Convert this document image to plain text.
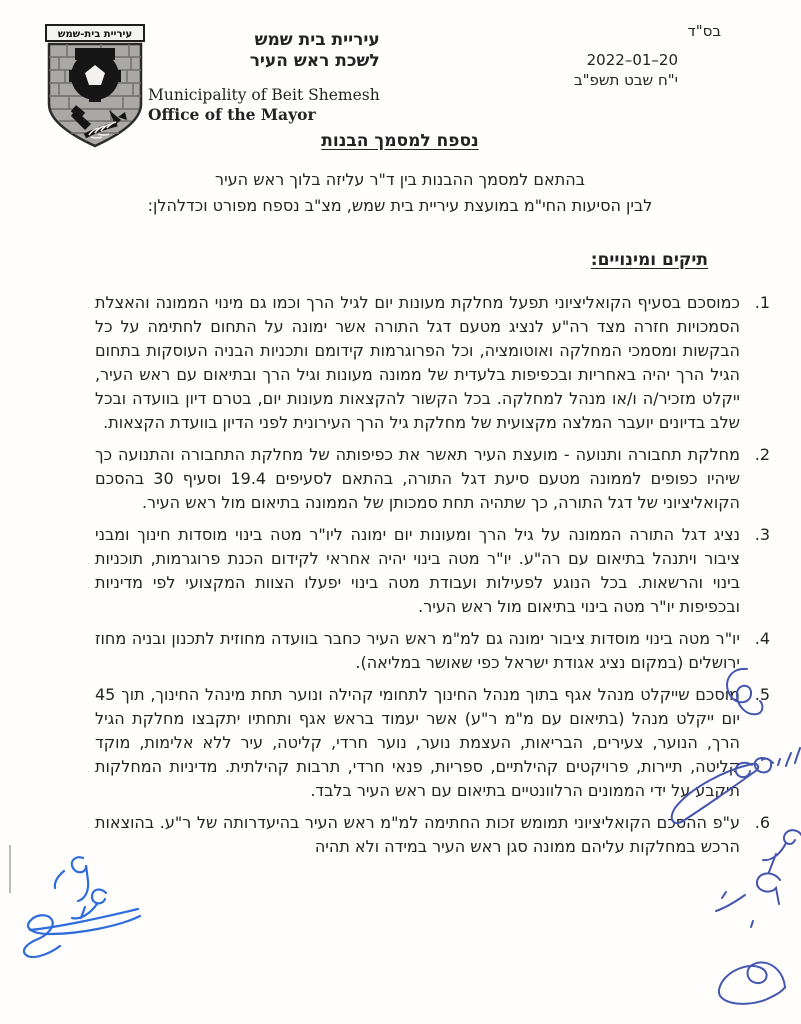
בס"ד
20–01–2022
י"ח שבט תשפ"ב
עיריית בית-שמש	עיריית בית שמש
לשכת ראש העיר
Municipality of Beit Shemesh
Office of the Mayor
נספח למסמך הבנות
בהתאם למסמך ההבנות בין ד"ר עליזה בלוך ראש העיר
לבין הסיעות החי"מ במועצת עיריית בית שמש, מצ"ב נספח מפורט וכדלהלן:
תיקים ומינויים:
1.
כמוסכם בסעיף הקואליציוני תפעל מחלקת מעונות יום לגיל הרך וכמו גם מינוי הממונה והאצלת הסמכויות חזרה מצד רה"ע לנציג מטעם דגל התורה אשר ימונה על התחום לחתימה על כל הבקשות ומסמכי המחלקה ואוטומציה, וכל הפרוגרמות קידומם ותכניות הבניה העוסקות בתחום הגיל הרך יהיה באחריות ובכפיפות בלעדית של ממונה מעונות וגיל הרך ובתיאום עם ראש העיר, ייקלט מזכיר/ה ו/או מנהל למחלקה. בכל הקשור להקצאות מעונות יום, בטרם דיון בוועדה ובכל שלב בדיונים יועבר המלצה מקצועית של מחלקת גיל הרך העירונית לפני הדיון בוועדת הקצאות.
2.
מחלקת תחבורה ותנועה - מועצת העיר תאשר את כפיפותה של מחלקת התחבורה והתנועה כך שיהיו כפופים לממונה מטעם סיעת דגל התורה, בהתאם לסעיפים 19.4 וסעיף 30 בהסכם הקואליציוני של דגל התורה, כך שתהיה תחת סמכותן של הממונה בתיאום מול ראש העיר.
3.
נציג דגל התורה הממונה על גיל הרך ומעונות יום ימונה ליו"ר מטה בינוי מוסדות חינוך ומבני ציבור ויתנהל בתיאום עם רה"ע. יו"ר מטה בינוי יהיה אחראי לקידום הכנת פרוגרמות, תוכניות בינוי והרשאות. בכל הנוגע לפעילות ועבודת מטה בינוי יפעלו הצוות המקצועי לפי מדיניות ובכפיפות יו"ר מטה בינוי בתיאום מול ראש העיר.
4.
יו"ר מטה בינוי מוסדות ציבור ימונה גם למ"מ ראש העיר כחבר בוועדה מחוזית לתכנון ובניה מחוז ירושלים (במקום נציג אגודת ישראל כפי שאושר במליאה).
5.
מוסכם שייקלט מנהל אגף בתוך מנהל החינוך לתחומי קהילה ונוער תחת מינהל החינוך, תוך 45 יום ייקלט מנהל (בתיאום עם מ"מ ר"ע) אשר יעמוד בראש אגף ותחתיו יתקבצו מחלקת הגיל הרך, הנוער, צעירים, הבריאות, העצמת נוער, נוער חרדי, קליטה, עיר ללא אלימות, מוקד קליטה, תיירות, פרויקטים קהילתיים, ספריות, פנאי חרדי, תרבות קהילתית. מדיניות המחלקות תיקבע על ידי הממונים הרלוונטיים בתיאום עם ראש העיר בלבד.
6.
ע"פ ההסכם הקואליציוני תמומש זכות החתימה למ"מ ראש העיר בהיעדרותה של ר"ע. בהוצאות הרכש במחלקות עליהם ממונה סגן ראש העיר במידה ולא תהיה
